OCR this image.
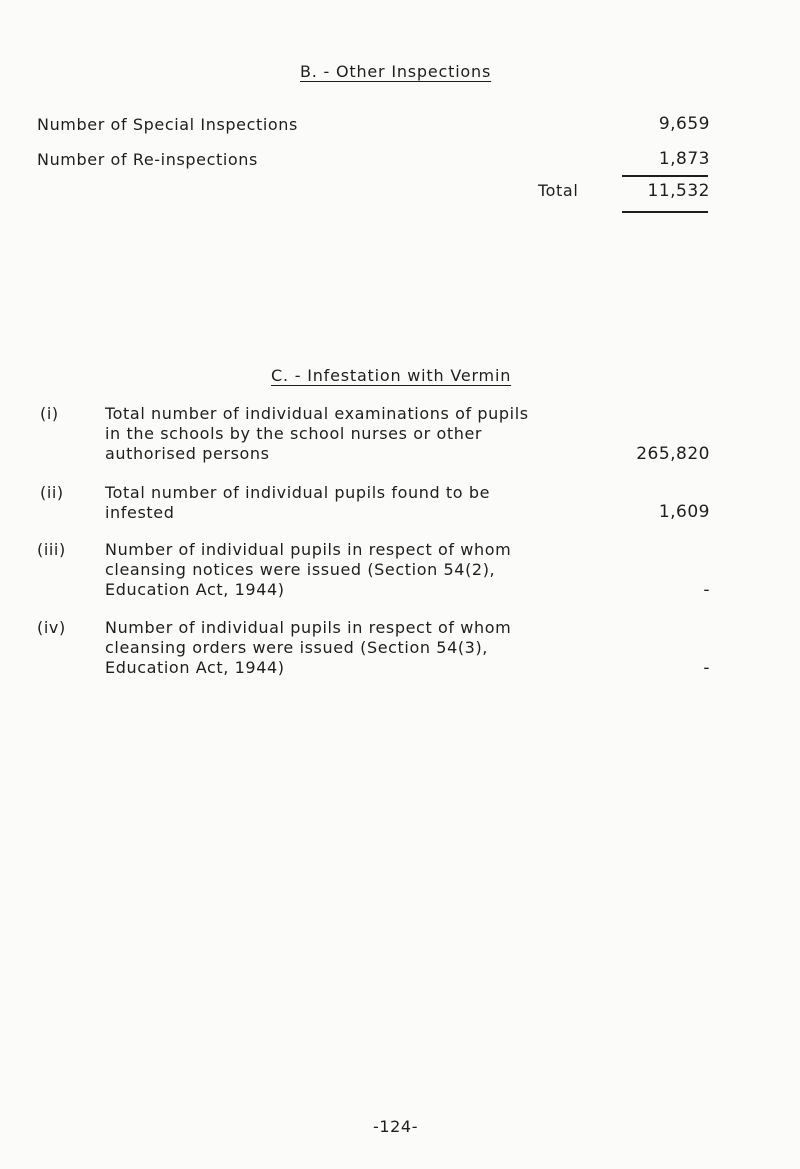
B. - Other Inspections
Number of Special Inspections	9,659
Number of Re-inspections	1,873
Total	11,532
C. - Infestation with Vermin
(i)	Total number of individual examinations of pupils in the schools by the school nurses or other authorised persons	265,820
(ii)	Total number of individual pupils found to be infested	1,609
(iii) Number of individual pupils in respect of whom cleansing notices were issued (Section 54(2), Education Act, 1944)	-
(iv) Number of individual pupils in respect of whom cleansing orders were issued (Section 54(3), Education Act, 1944)	-
-124-
